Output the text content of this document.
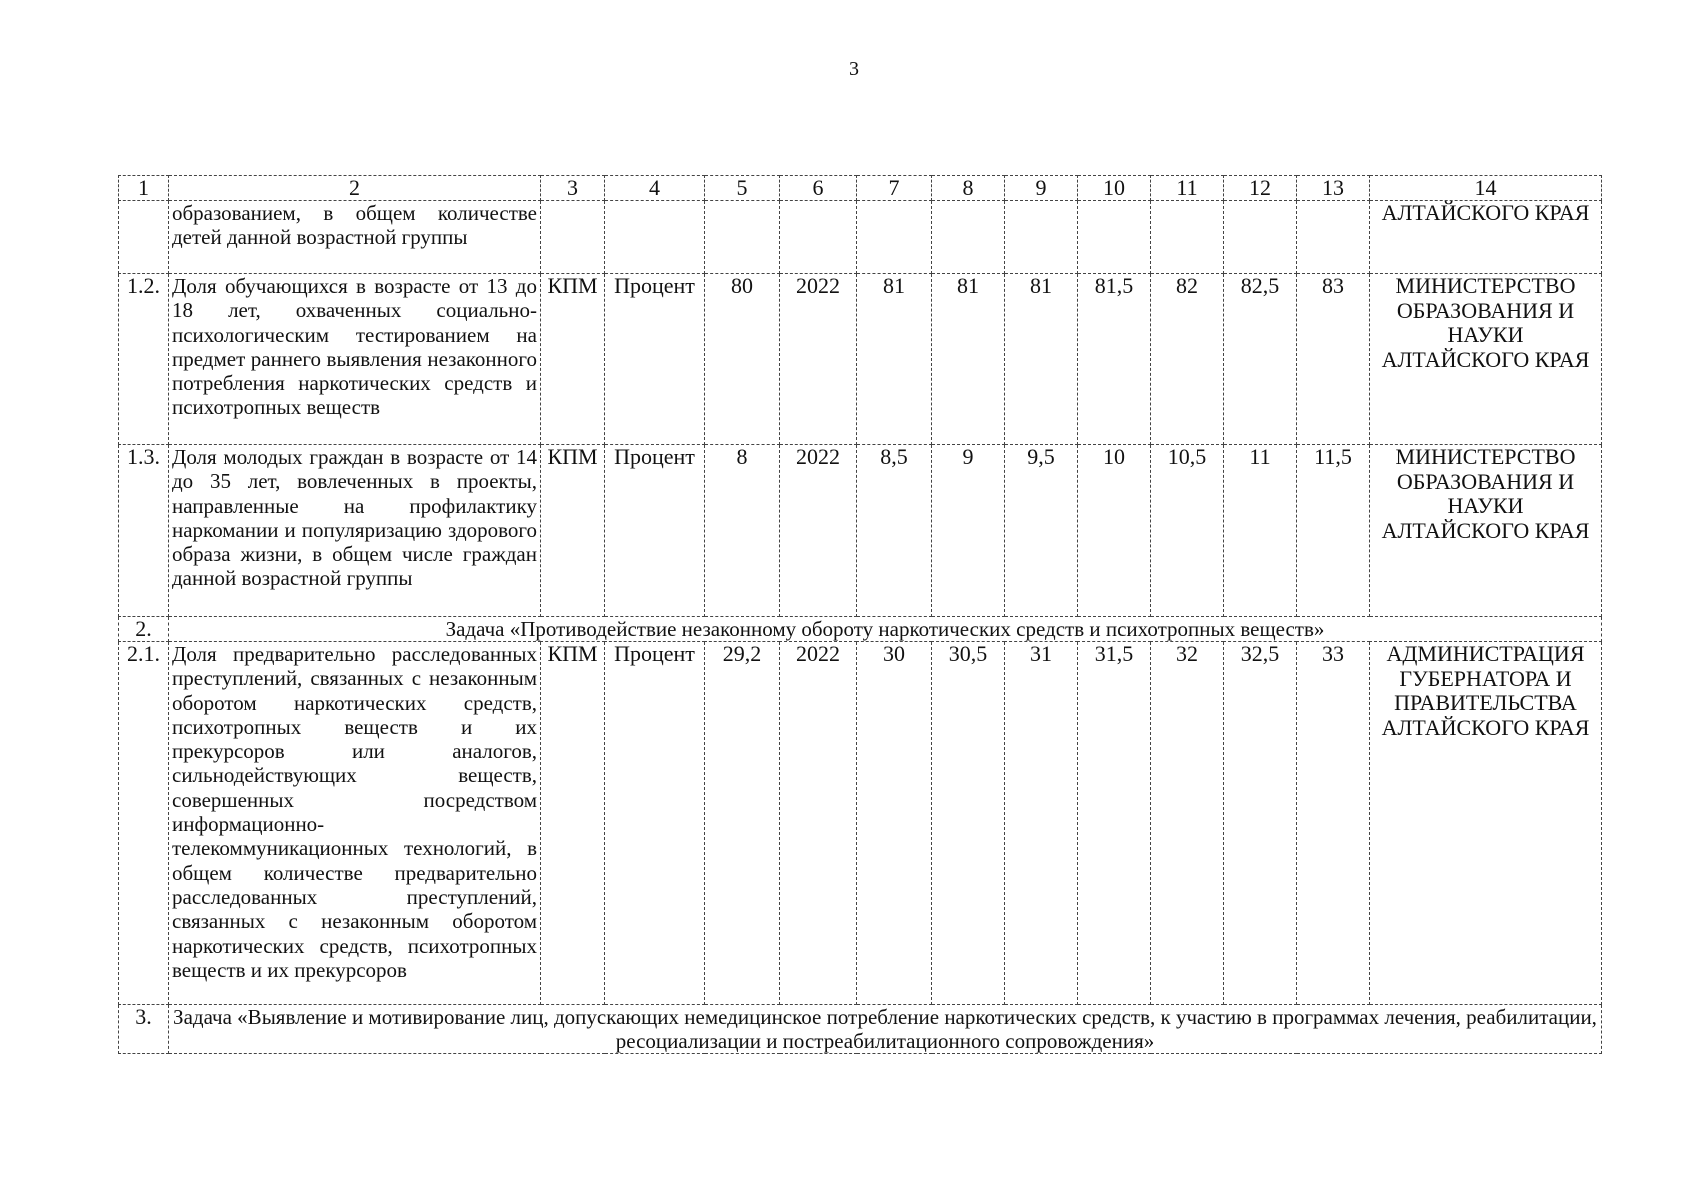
3
1	2	3	4	5	6	7	8	9	10	11	12	13	14
	образованием, в общем количестве детей данной возрастной группы												АЛТАЙСКОГО КРАЯ
1.2.	Доля обучающихся в возрасте от 13 до 18 лет, охваченных социально-психологическим тестированием на предмет раннего выявления незаконного потребления наркотических средств и психотропных веществ	КПМ	Процент	80	2022	81	81	81	81,5	82	82,5	83	МИНИСТЕРСТВО ОБРАЗОВАНИЯ И НАУКИ АЛТАЙСКОГО КРАЯ
1.3.	Доля молодых граждан в возрасте от 14 до 35 лет, вовлеченных в проекты, направленные на профилактику наркомании и популяризацию здорового образа жизни, в общем числе граждан данной возрастной группы	КПМ	Процент	8	2022	8,5	9	9,5	10	10,5	11	11,5	МИНИСТЕРСТВО ОБРАЗОВАНИЯ И НАУКИ АЛТАЙСКОГО КРАЯ
2.	Задача «Противодействие незаконному обороту наркотических средств и психотропных веществ»												
2.1.	Доля предварительно расследованных преступлений, связанных с незаконным оборотом наркотических средств, психотропных веществ и их прекурсоров или аналогов, сильнодействующих веществ, совершенных посредством информационно-телекоммуникационных технологий, в общем количестве предварительно расследованных преступлений, связанных с незаконным оборотом наркотических средств, психотропных веществ и их прекурсоров	КПМ	Процент	29,2	2022	30	30,5	31	31,5	32	32,5	33	АДМИНИСТРАЦИЯ ГУБЕРНАТОРА И ПРАВИТЕЛЬСТВА АЛТАЙСКОГО КРАЯ
3.	Задача «Выявление и мотивирование лиц, допускающих немедицинское потребление наркотических средств, к участию в программах лечения, реабилитации, ресоциализации и постреабилитационного сопровождения»												
